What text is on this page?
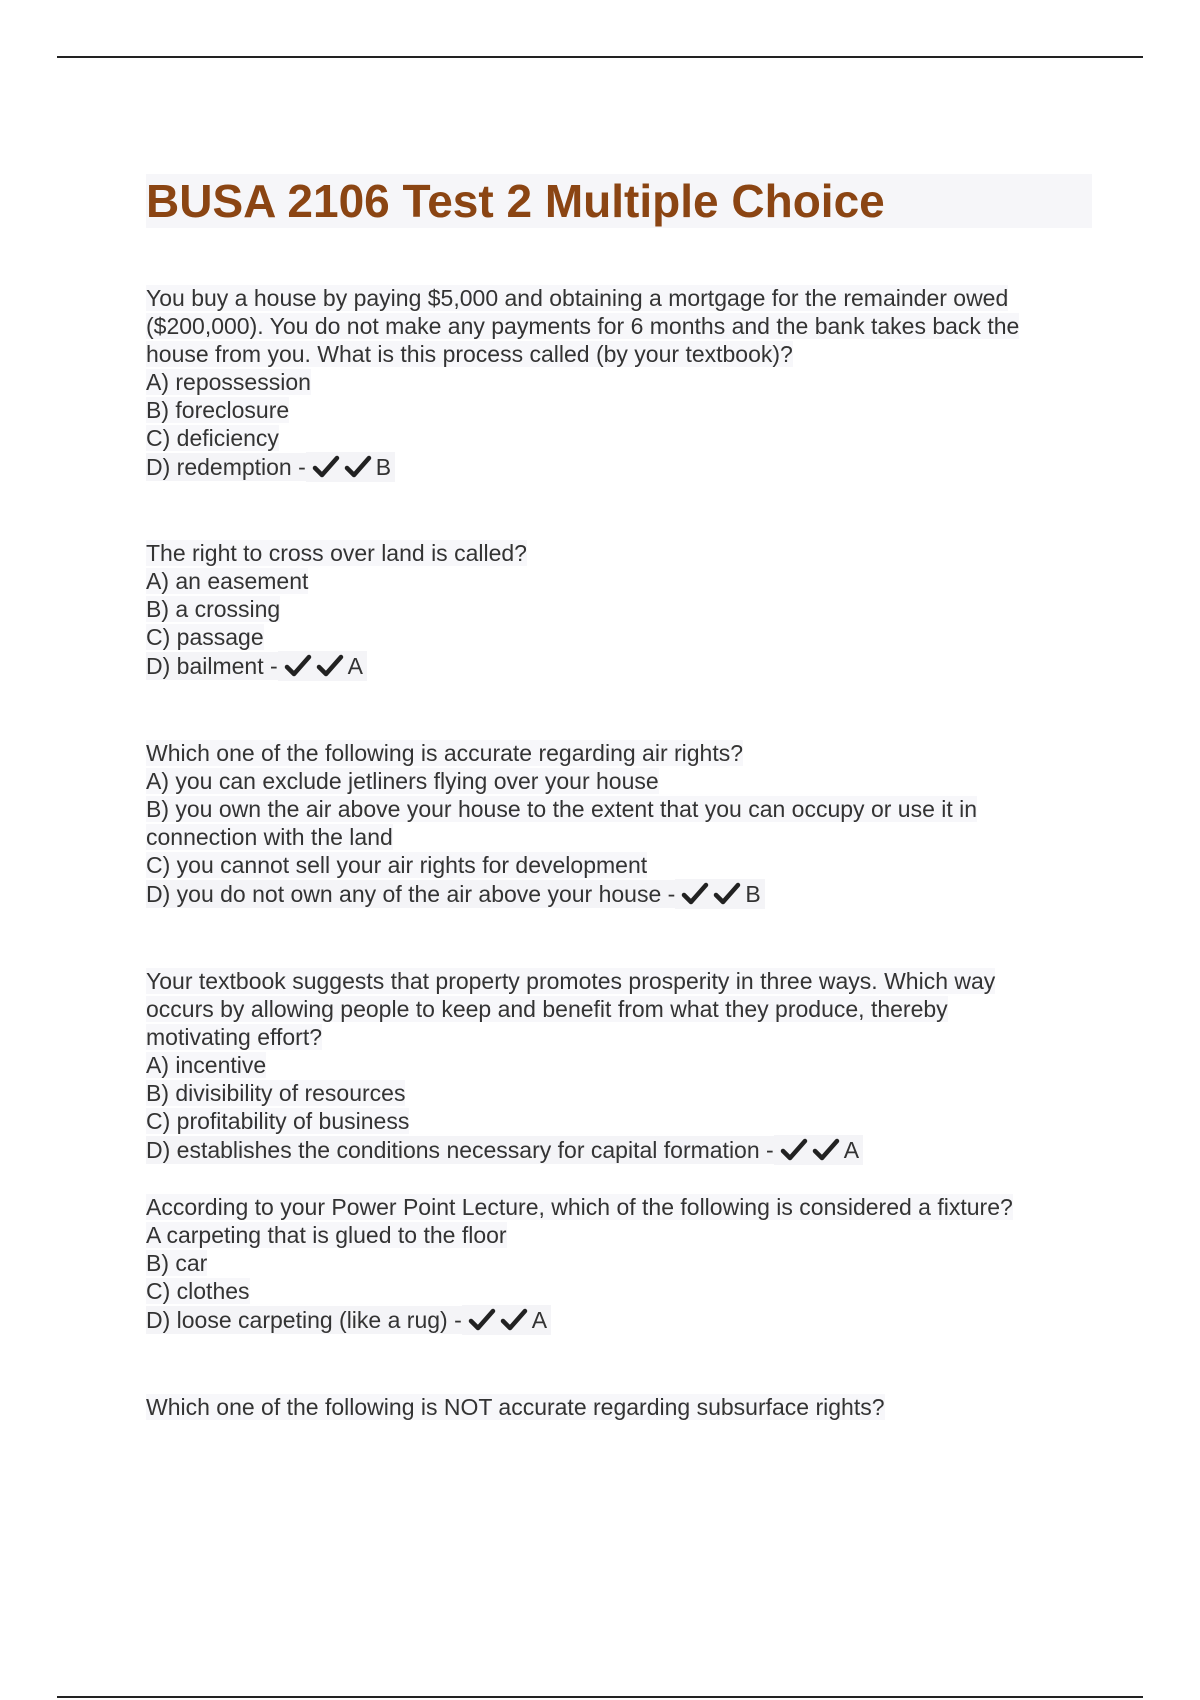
BUSA 2106 Test 2 Multiple Choice
You buy a house by paying $5,000 and obtaining a mortgage for the remainder owed
($200,000). You do not make any payments for 6 months and the bank takes back the
house from you. What is this process called (by your textbook)?
A) repossession
B) foreclosure
C) deficiency
D) redemption -	B
The right to cross over land is called?
A) an easement
B) a crossing
C) passage
D) bailment -	A
Which one of the following is accurate regarding air rights?
A) you can exclude jetliners flying over your house
B) you own the air above your house to the extent that you can occupy or use it in
connection with the land
C) you cannot sell your air rights for development
D) you do not own any of the air above your house -	B
Your textbook suggests that property promotes prosperity in three ways. Which way
occurs by allowing people to keep and benefit from what they produce, thereby
motivating effort?
A) incentive
B) divisibility of resources
C) profitability of business
D) establishes the conditions necessary for capital formation -	A
According to your Power Point Lecture, which of the following is considered a fixture?
A carpeting that is glued to the floor
B) car
C) clothes
D) loose carpeting (like a rug) -	A
Which one of the following is NOT accurate regarding subsurface rights?
